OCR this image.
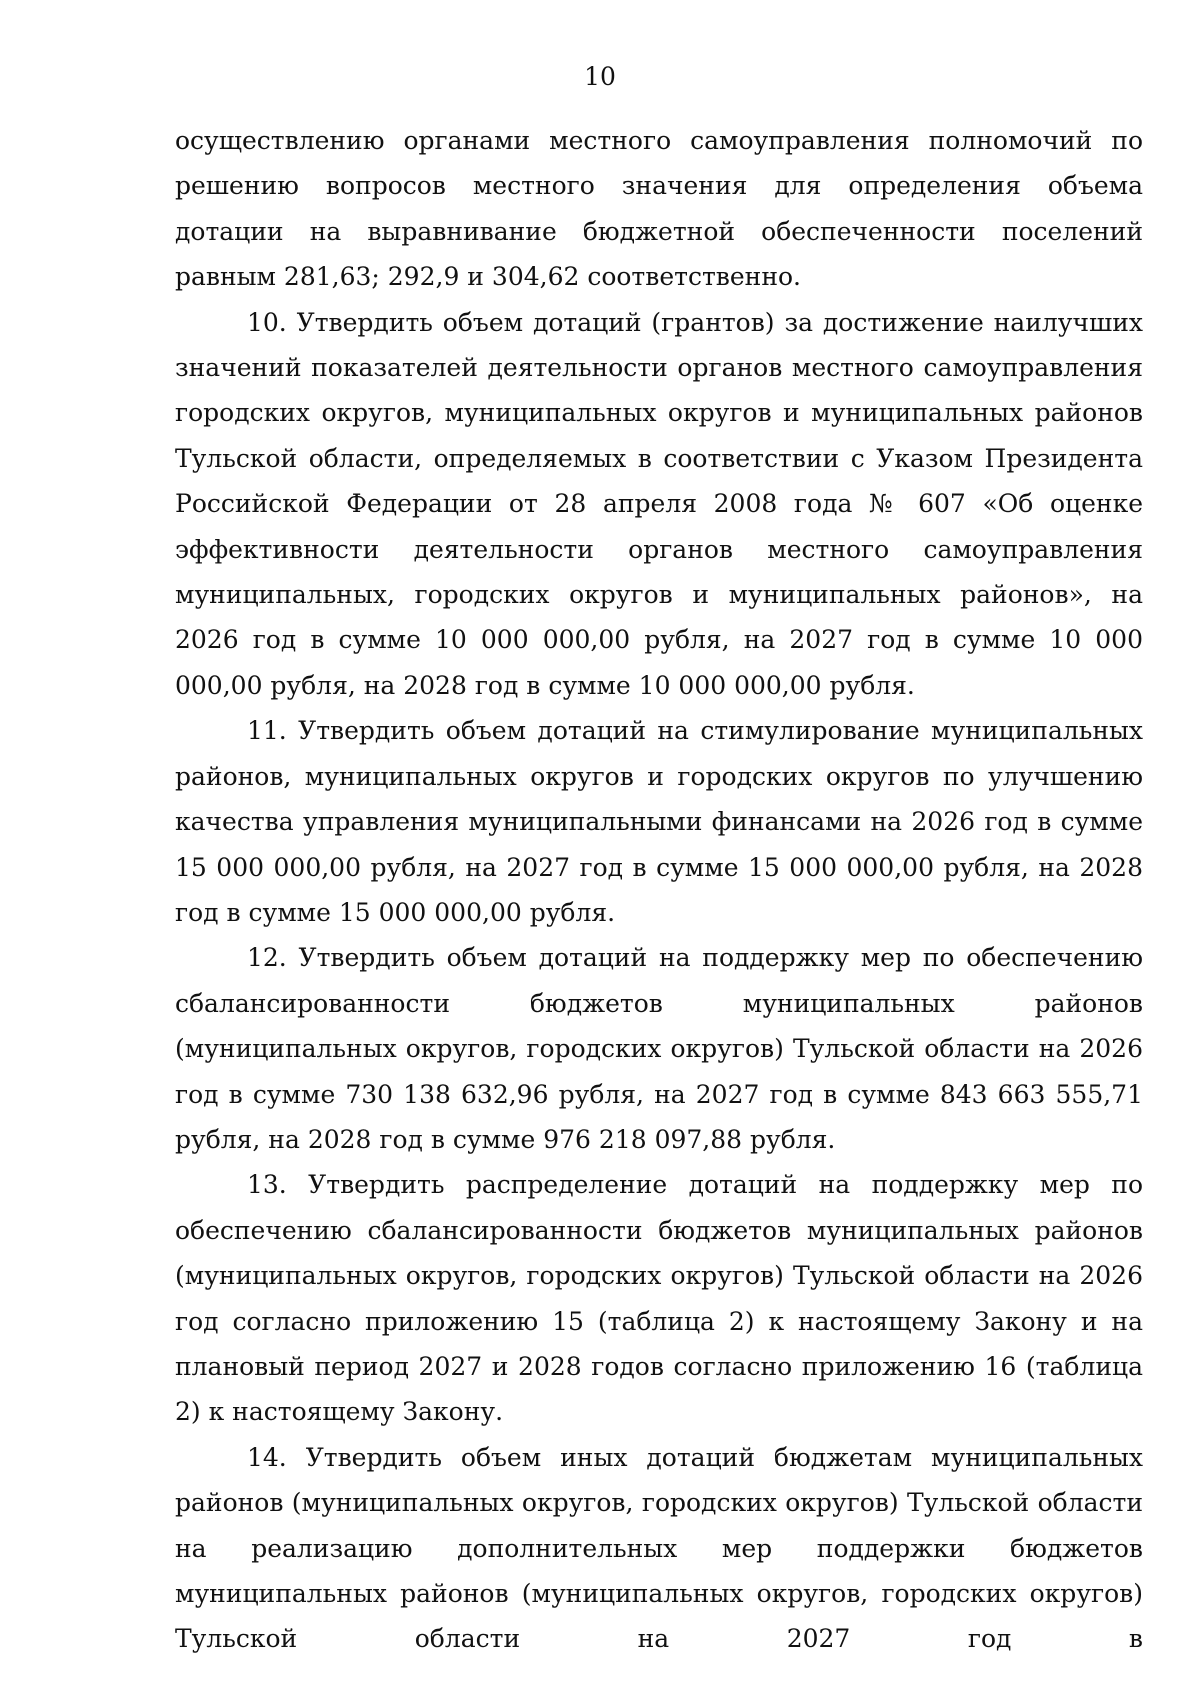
10

осуществлению органами местного самоуправления полномочий по решению вопросов местного значения для определения объема дотации на выравнивание бюджетной обеспеченности поселений равным 281,63; 292,9 и 304,62 соответственно.

10. Утвердить объем дотаций (грантов) за достижение наилучших значений показателей деятельности органов местного самоуправления городских округов, муниципальных округов и муниципальных районов Тульской области, определяемых в соответствии с Указом Президента Российской Федерации от 28 апреля 2008 года № 607 «Об оценке эффективности деятельности органов местного самоуправления муниципальных, городских округов и муниципальных районов», на 2026 год в сумме 10 000 000,00 рубля, на 2027 год в сумме 10 000 000,00 рубля, на 2028 год в сумме 10 000 000,00 рубля.

11. Утвердить объем дотаций на стимулирование муниципальных районов, муниципальных округов и городских округов по улучшению качества управления муниципальными финансами на 2026 год в сумме 15 000 000,00 рубля, на 2027 год в сумме 15 000 000,00 рубля, на 2028 год в сумме 15 000 000,00 рубля.

12. Утвердить объем дотаций на поддержку мер по обеспечению сбалансированности бюджетов муниципальных районов (муниципальных округов, городских округов) Тульской области на 2026 год в сумме 730 138 632,96 рубля, на 2027 год в сумме 843 663 555,71 рубля, на 2028 год в сумме 976 218 097,88 рубля.

13. Утвердить распределение дотаций на поддержку мер по обеспечению сбалансированности бюджетов муниципальных районов (муниципальных округов, городских округов) Тульской области на 2026 год согласно приложению 15 (таблица 2) к настоящему Закону и на плановый период 2027 и 2028 годов согласно приложению 16 (таблица 2) к настоящему Закону.

14. Утвердить объем иных дотаций бюджетам муниципальных районов (муниципальных округов, городских округов) Тульской области на реализацию дополнительных мер поддержки бюджетов муниципальных районов (муниципальных округов, городских округов) Тульской области на 2027 год в
